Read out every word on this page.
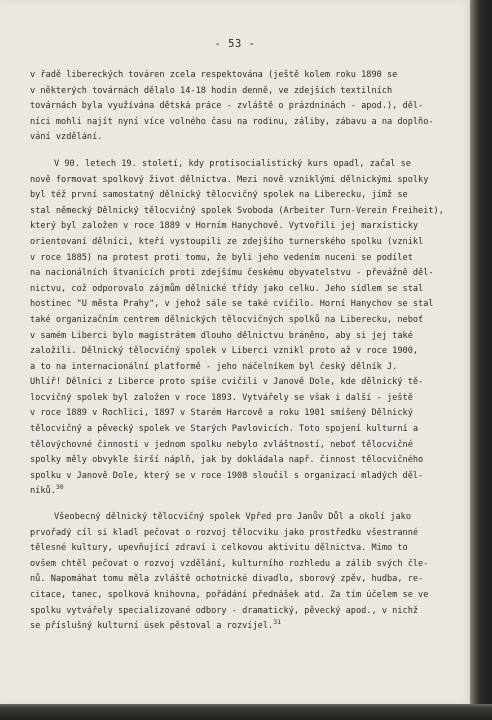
- 53 -
v řadě libereckých továren zcela respektována (ještě kolem roku 1890 se
v některých továrnách dělalo 14-18 hodin denně, ve zdejších textilních
továrnách byla využívána dětská práce - zvláště o prázdninách - apod.), děl-
níci mohli najít nyní více volného času na rodinu, záliby, zábavu a na doplňo-
vání vzdělání.
V 90. letech 19. století, kdy protisocialistický kurs opadl, začal se
nově formovat spolkový život dělnictva. Mezi nově vzniklými dělnickými spolky
byl též první samostatný dělnický tělocvičný spolek na Liberecku, jímž se
stal německý Dělnický tělocvičný spolek Svoboda (Arbeiter Turn-Verein Freiheit),
který byl založen v roce 1889 v Horním Hanychově. Vytvořili jej marxisticky
orientovaní dělníci, kteří vystoupili ze zdejšího turnerského spolku (vznikl
v roce 1885) na protest proti tomu, že byli jeho vedením nuceni se podílet
na nacionálních štvanicích proti zdejšímu českému obyvatelstvu - převážně děl-
nictvu, což odporovalo zájmům dělnické třídy jako celku. Jeho sídlem se stal
hostinec "U města Prahy", v jehož sále se také cvičilo. Horní Hanychov se stal
také organizačním centrem dělnických tělocvičných spolků na Liberecku, neboť
v samém Liberci bylo magistrátem dlouho dělnictvu bráněno, aby si jej také
založili. Dělnický tělocvičný spolek v Liberci vznikl proto až v roce 1900,
a to na internacionální platformě - jeho náčelníkem byl český dělník J.
Uhlíř! Dělníci z Liberce proto spíše cvičili v Janově Dole, kde dělnický tě-
locvičný spolek byl založen v roce 1893. Vytvářely se však i další - ještě
v roce 1889 v Rochlici, 1897 v Starém Harcově a roku 1901 smíšený Dělnický
tělocvičný a pěvecký spolek ve Starých Pavlovicích. Toto spojení kulturní a
tělovýchovné činnosti v jednom spolku nebylo zvláštností, neboť tělocvičné
spolky měly obvykle širší náplň, jak by dokládala např. činnost tělocvičného
spolku v Janově Dole, který se v roce 1908 sloučil s organizací mladých děl-
níků.$^{30}$
Všeobecný dělnický tělocvičný spolek Vpřed pro Janův Důl a okolí jako
prvořadý cíl si kladl pečovat o rozvoj tělocviku jako prostředku všestranné
tělesné kultury, upevňující zdraví i celkovou aktivitu dělnictva. Mimo to
ovšem chtěl pečovat o rozvoj vzdělání, kulturního rozhledu a zálib svých čle-
nů. Napomáhat tomu měla zvláště ochotnické divadlo, sborový zpěv, hudba, re-
citace, tanec, spolková knihovna, pořádání přednášek atd. Za tím účelem se ve
spolku vytvářely specializované odbory - dramatický, pěvecký apod., v nichž
se příslušný kulturní úsek pěstoval a rozvíjel.$^{31}$
